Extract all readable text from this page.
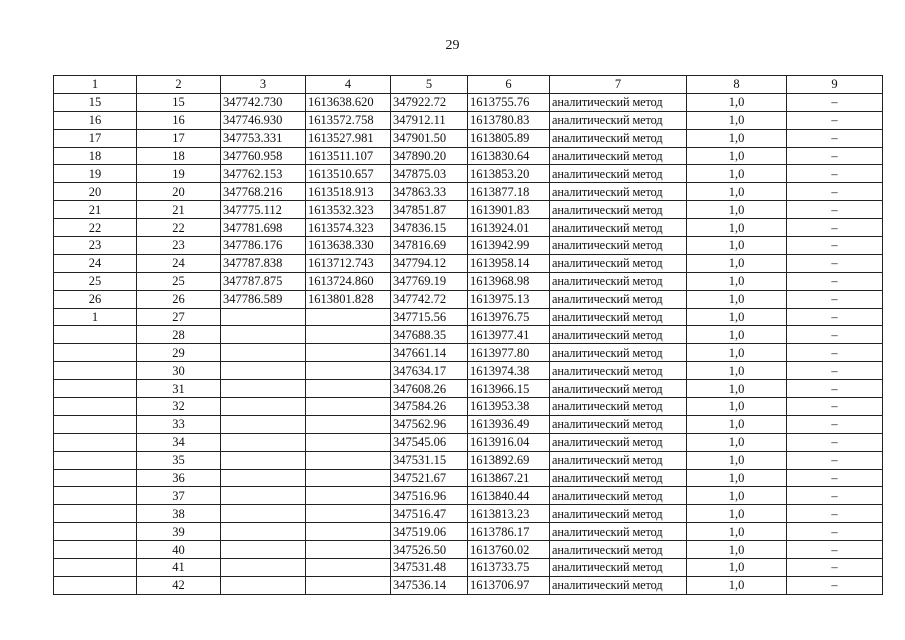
29
1	2	3	4	5	6	7	8	9
15	15	347742.730	1613638.620	347922.72	1613755.76	аналитический метод	1,0	–
16	16	347746.930	1613572.758	347912.11	1613780.83	аналитический метод	1,0	–
17	17	347753.331	1613527.981	347901.50	1613805.89	аналитический метод	1,0	–
18	18	347760.958	1613511.107	347890.20	1613830.64	аналитический метод	1,0	–
19	19	347762.153	1613510.657	347875.03	1613853.20	аналитический метод	1,0	–
20	20	347768.216	1613518.913	347863.33	1613877.18	аналитический метод	1,0	–
21	21	347775.112	1613532.323	347851.87	1613901.83	аналитический метод	1,0	–
22	22	347781.698	1613574.323	347836.15	1613924.01	аналитический метод	1,0	–
23	23	347786.176	1613638.330	347816.69	1613942.99	аналитический метод	1,0	–
24	24	347787.838	1613712.743	347794.12	1613958.14	аналитический метод	1,0	–
25	25	347787.875	1613724.860	347769.19	1613968.98	аналитический метод	1,0	–
26	26	347786.589	1613801.828	347742.72	1613975.13	аналитический метод	1,0	–
1	27			347715.56	1613976.75	аналитический метод	1,0	–
	28			347688.35	1613977.41	аналитический метод	1,0	–
	29			347661.14	1613977.80	аналитический метод	1,0	–
	30			347634.17	1613974.38	аналитический метод	1,0	–
	31			347608.26	1613966.15	аналитический метод	1,0	–
	32			347584.26	1613953.38	аналитический метод	1,0	–
	33			347562.96	1613936.49	аналитический метод	1,0	–
	34			347545.06	1613916.04	аналитический метод	1,0	–
	35			347531.15	1613892.69	аналитический метод	1,0	–
	36			347521.67	1613867.21	аналитический метод	1,0	–
	37			347516.96	1613840.44	аналитический метод	1,0	–
	38			347516.47	1613813.23	аналитический метод	1,0	–
	39			347519.06	1613786.17	аналитический метод	1,0	–
	40			347526.50	1613760.02	аналитический метод	1,0	–
	41			347531.48	1613733.75	аналитический метод	1,0	–
	42			347536.14	1613706.97	аналитический метод	1,0	–
